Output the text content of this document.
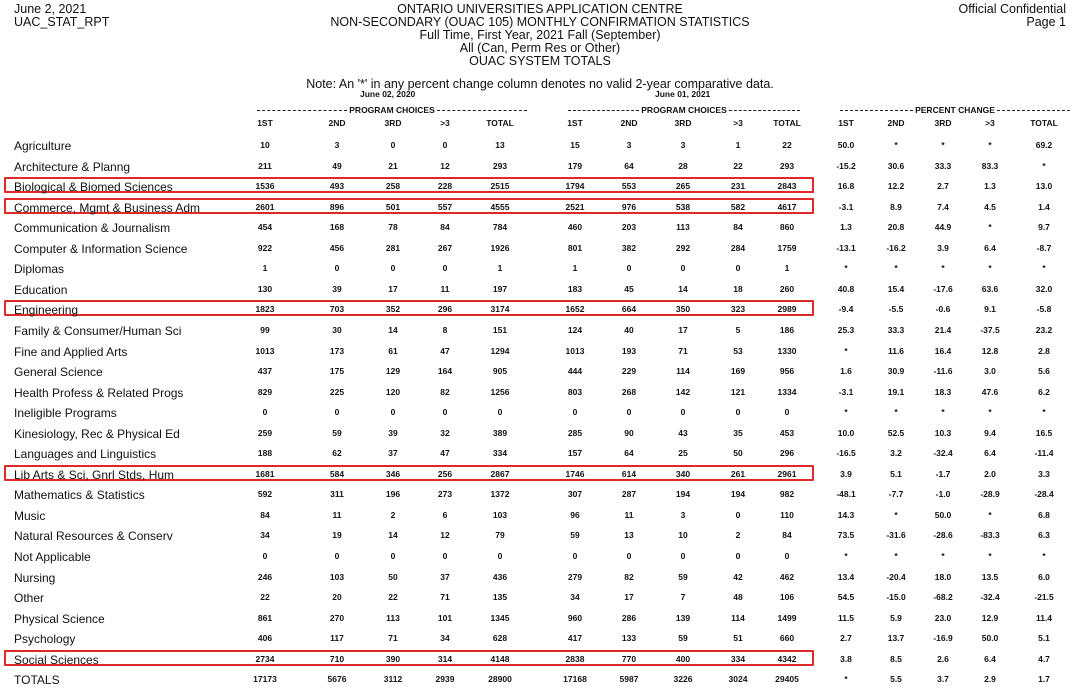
June 2, 2021
UAC_STAT_RPT
Official Confidential
Page 1
ONTARIO UNIVERSITIES APPLICATION CENTRE
NON-SECONDARY (OUAC 105) MONTHLY CONFIRMATION STATISTICS
Full Time, First Year, 2021 Fall (September)
All (Can, Perm Res or Other)
OUAC SYSTEM TOTALS
Note: An '*' in any percent change column denotes no valid 2-year comparative data.
June 02, 2020	June 01, 2021
PROGRAM CHOICES	PROGRAM CHOICES	PERCENT CHANGE
1ST	2ND	3RD	>3	TOTAL	1ST	2ND	3RD	>3	TOTAL	1ST	2ND	3RD	>3	TOTAL
Agriculture	10	3	0	0	13	15	3	3	1	22	50.0	*	*	*	69.2
Architecture & Planng	211	49	21	12	293	179	64	28	22	293	-15.2	30.6	33.3	83.3	*
Biological & Biomed Sciences	1536	493	258	228	2515	1794	553	265	231	2843	16.8	12.2	2.7	1.3	13.0
Commerce, Mgmt & Business Adm	2601	896	501	557	4555	2521	976	538	582	4617	-3.1	8.9	7.4	4.5	1.4
Communication & Journalism	454	168	78	84	784	460	203	113	84	860	1.3	20.8	44.9	*	9.7
Computer & Information Science	922	456	281	267	1926	801	382	292	284	1759	-13.1	-16.2	3.9	6.4	-8.7
Diplomas	1	0	0	0	1	1	0	0	0	1	*	*	*	*	*
Education	130	39	17	11	197	183	45	14	18	260	40.8	15.4	-17.6	63.6	32.0
Engineering	1823	703	352	296	3174	1652	664	350	323	2989	-9.4	-5.5	-0.6	9.1	-5.8
Family & Consumer/Human Sci	99	30	14	8	151	124	40	17	5	186	25.3	33.3	21.4	-37.5	23.2
Fine and Applied Arts	1013	173	61	47	1294	1013	193	71	53	1330	*	11.6	16.4	12.8	2.8
General Science	437	175	129	164	905	444	229	114	169	956	1.6	30.9	-11.6	3.0	5.6
Health Profess & Related Progs	829	225	120	82	1256	803	268	142	121	1334	-3.1	19.1	18.3	47.6	6.2
Ineligible Programs	0	0	0	0	0	0	0	0	0	0	*	*	*	*	*
Kinesiology, Rec & Physical Ed	259	59	39	32	389	285	90	43	35	453	10.0	52.5	10.3	9.4	16.5
Languages and Linguistics	188	62	37	47	334	157	64	25	50	296	-16.5	3.2	-32.4	6.4	-11.4
Lib Arts & Sci, Gnrl Stds, Hum	1681	584	346	256	2867	1746	614	340	261	2961	3.9	5.1	-1.7	2.0	3.3
Mathematics & Statistics	592	311	196	273	1372	307	287	194	194	982	-48.1	-7.7	-1.0	-28.9	-28.4
Music	84	11	2	6	103	96	11	3	0	110	14.3	*	50.0	*	6.8
Natural Resources & Conserv	34	19	14	12	79	59	13	10	2	84	73.5	-31.6	-28.6	-83.3	6.3
Not Applicable	0	0	0	0	0	0	0	0	0	0	*	*	*	*	*
Nursing	246	103	50	37	436	279	82	59	42	462	13.4	-20.4	18.0	13.5	6.0
Other	22	20	22	71	135	34	17	7	48	106	54.5	-15.0	-68.2	-32.4	-21.5
Physical Science	861	270	113	101	1345	960	286	139	114	1499	11.5	5.9	23.0	12.9	11.4
Psychology	406	117	71	34	628	417	133	59	51	660	2.7	13.7	-16.9	50.0	5.1
Social Sciences	2734	710	390	314	4148	2838	770	400	334	4342	3.8	8.5	2.6	6.4	4.7
TOTALS	17173	5676	3112	2939	28900	17168	5987	3226	3024	29405	*	5.5	3.7	2.9	1.7
